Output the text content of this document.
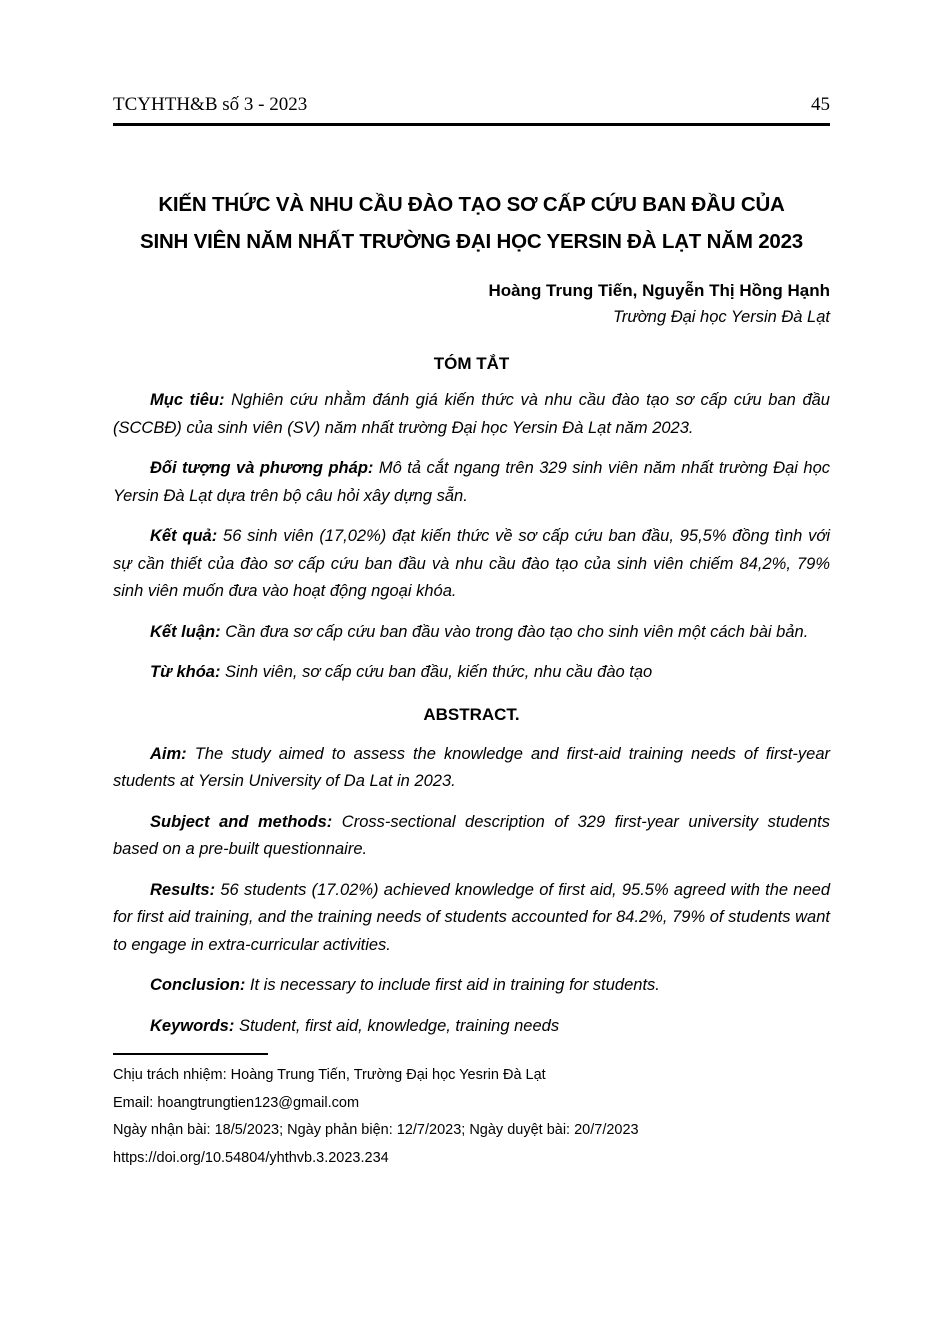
TCYHTH&B số 3 - 2023	45
KIẾN THỨC VÀ NHU CẦU ĐÀO TẠO SƠ CẤP CỨU BAN ĐẦU CỦA
SINH VIÊN NĂM NHẤT TRƯỜNG ĐẠI HỌC YERSIN ĐÀ LẠT NĂM 2023
Hoàng Trung Tiến, Nguyễn Thị Hồng Hạnh
Trường Đại học Yersin Đà Lạt
TÓM TẮT

Mục tiêu: Nghiên cứu nhằm đánh giá kiến thức và nhu cầu đào tạo sơ cấp cứu ban đầu (SCCBĐ) của sinh viên (SV) năm nhất trường Đại học Yersin Đà Lạt năm 2023.

Đối tượng và phương pháp: Mô tả cắt ngang trên 329 sinh viên năm nhất trường Đại học Yersin Đà Lạt dựa trên bộ câu hỏi xây dựng sẵn.

Kết quả: 56 sinh viên (17,02%) đạt kiến thức về sơ cấp cứu ban đầu, 95,5% đồng tình với sự cần thiết của đào sơ cấp cứu ban đầu và nhu cầu đào tạo của sinh viên chiếm 84,2%, 79% sinh viên muốn đưa vào hoạt động ngoại khóa.

Kết luận: Cần đưa sơ cấp cứu ban đầu vào trong đào tạo cho sinh viên một cách bài bản.

Từ khóa: Sinh viên, sơ cấp cứu ban đầu, kiến thức, nhu cầu đào tạo

ABSTRACT.

Aim: The study aimed to assess the knowledge and first-aid training needs of first-year students at Yersin University of Da Lat in 2023.

Subject and methods: Cross-sectional description of 329 first-year university students based on a pre-built questionnaire.

Results: 56 students (17.02%) achieved knowledge of first aid, 95.5% agreed with the need for first aid training, and the training needs of students accounted for 84.2%, 79% of students want to engage in extra-curricular activities.

Conclusion: It is necessary to include first aid in training for students.

Keywords: Student, first aid, knowledge, training needs

Chịu trách nhiệm: Hoàng Trung Tiến, Trường Đại học Yesrin Đà Lạt
Email: hoangtrungtien123@gmail.com
Ngày nhận bài: 18/5/2023; Ngày phản biện: 12/7/2023; Ngày duyệt bài: 20/7/2023
https://doi.org/10.54804/yhthvb.3.2023.234
